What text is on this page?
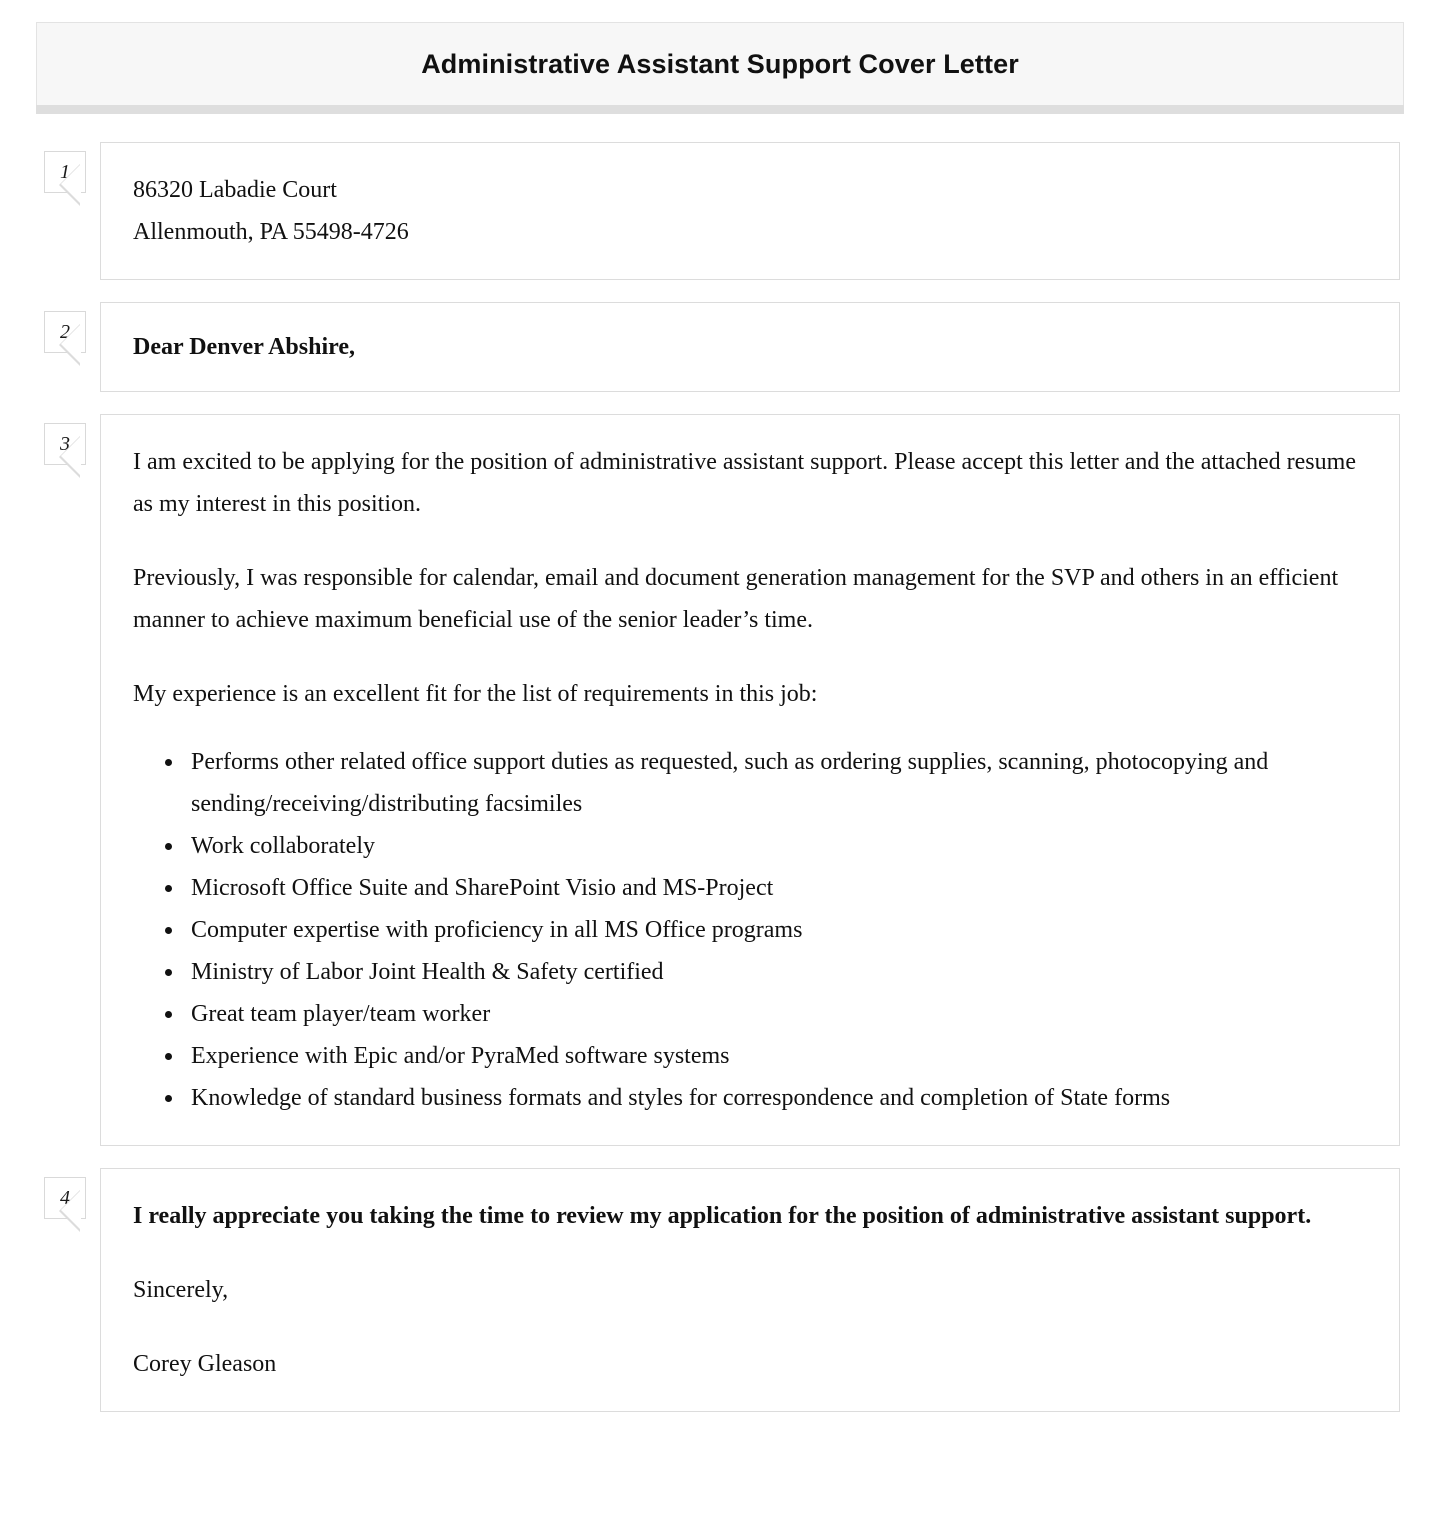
Administrative Assistant Support Cover Letter
1

86320 Labadie Court

Allenmouth, PA 55498-4726

2

Dear Denver Abshire,

3

I am excited to be applying for the position of administrative assistant support. Please accept this letter and the attached resume as my interest in this position.

Previously, I was responsible for calendar, email and document generation management for the SVP and others in an efficient manner to achieve maximum beneficial use of the senior leader’s time.

My experience is an excellent fit for the list of requirements in this job:

• Performs other related office support duties as requested, such as ordering supplies, scanning, photocopying and sending/receiving/distributing facsimiles
• Work collaborately
• Microsoft Office Suite and SharePoint Visio and MS-Project
• Computer expertise with proficiency in all MS Office programs
• Ministry of Labor Joint Health & Safety certified
• Great team player/team worker
• Experience with Epic and/or PyraMed software systems
• Knowledge of standard business formats and styles for correspondence and completion of State forms
4

I really appreciate you taking the time to review my application for the position of administrative assistant support.

Sincerely,

Corey Gleason
